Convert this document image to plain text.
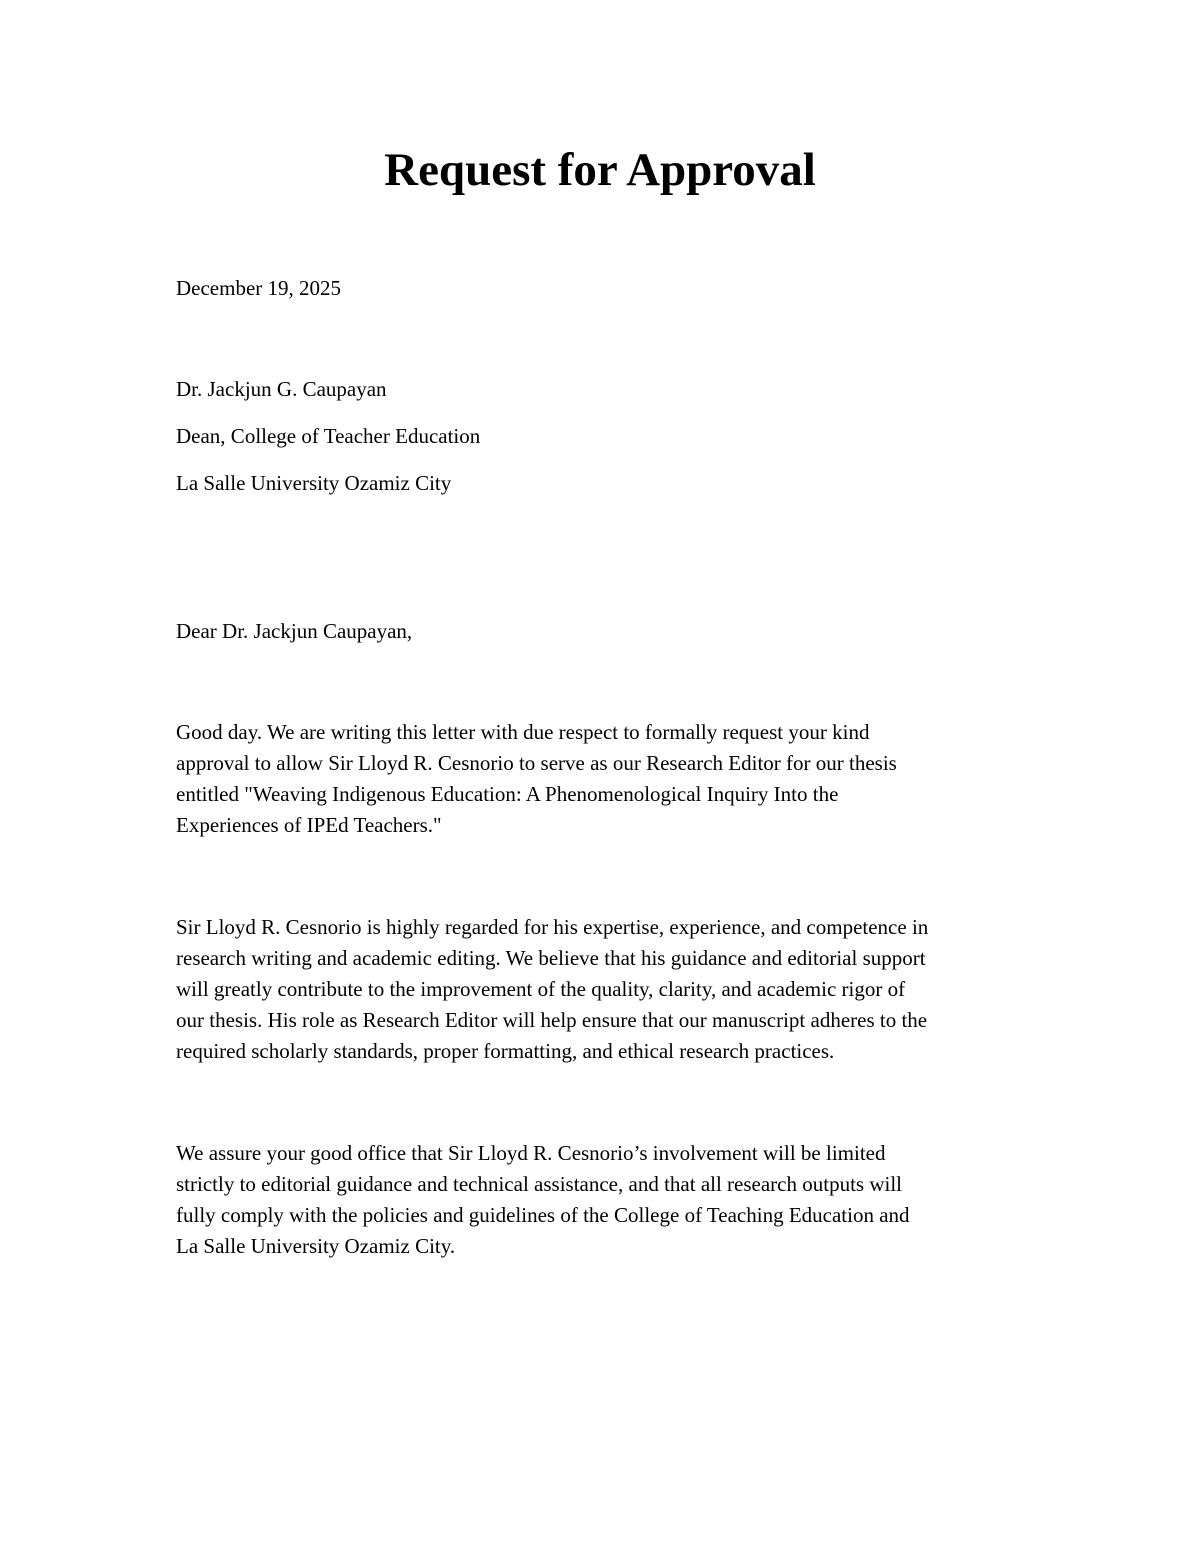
Request for Approval

December 19, 2025

Dr. Jackjun G. Caupayan

Dean, College of Teacher Education

La Salle University Ozamiz City

Dear Dr. Jackjun Caupayan,

Good day. We are writing this letter with due respect to formally request your kind
approval to allow Sir Lloyd R. Cesnorio to serve as our Research Editor for our thesis
entitled "Weaving Indigenous Education: A Phenomenological Inquiry Into the
Experiences of IPEd Teachers."
Sir Lloyd R. Cesnorio is highly regarded for his expertise, experience, and competence in
research writing and academic editing. We believe that his guidance and editorial support
will greatly contribute to the improvement of the quality, clarity, and academic rigor of
our thesis. His role as Research Editor will help ensure that our manuscript adheres to the
required scholarly standards, proper formatting, and ethical research practices.
We assure your good office that Sir Lloyd R. Cesnorio’s involvement will be limited
strictly to editorial guidance and technical assistance, and that all research outputs will
fully comply with the policies and guidelines of the College of Teaching Education and
La Salle University Ozamiz City.
